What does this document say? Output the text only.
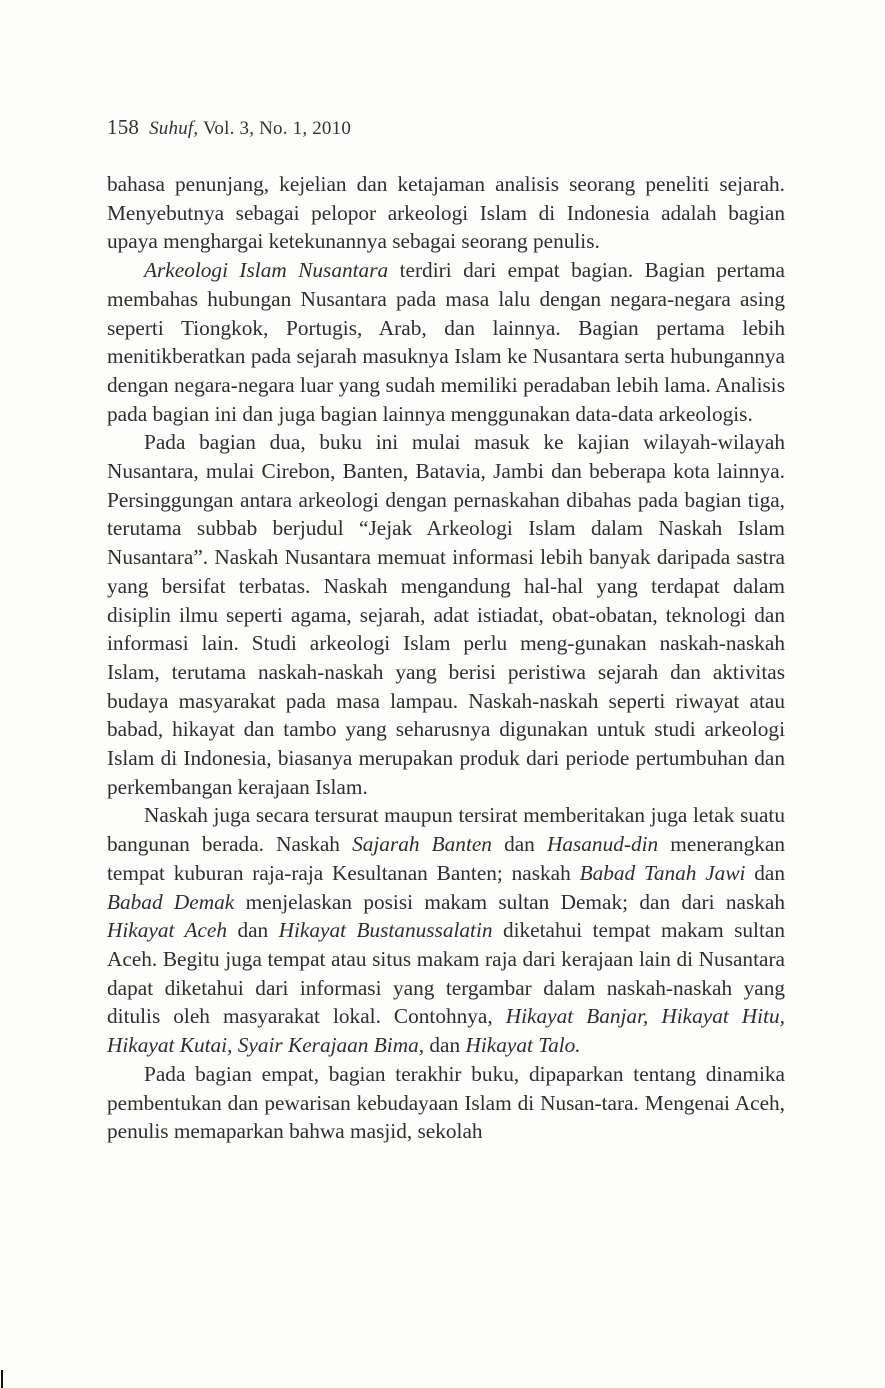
158 Suhuf, Vol. 3, No. 1, 2010

bahasa penunjang, kejelian dan ketajaman analisis seorang peneliti sejarah. Menyebutnya sebagai pelopor arkeologi Islam di Indonesia adalah bagian upaya menghargai ketekunannya sebagai seorang penulis.

Arkeologi Islam Nusantara terdiri dari empat bagian. Bagian pertama membahas hubungan Nusantara pada masa lalu dengan negara-negara asing seperti Tiongkok, Portugis, Arab, dan lainnya. Bagian pertama lebih menitikberatkan pada sejarah masuknya Islam ke Nusantara serta hubungannya dengan negara-negara luar yang sudah memiliki peradaban lebih lama. Analisis pada bagian ini dan juga bagian lainnya menggunakan data-data arkeologis.

Pada bagian dua, buku ini mulai masuk ke kajian wilayah-wilayah Nusantara, mulai Cirebon, Banten, Batavia, Jambi dan beberapa kota lainnya. Persinggungan antara arkeologi dengan pernaskahan dibahas pada bagian tiga, terutama subbab berjudul “Jejak Arkeologi Islam dalam Naskah Islam Nusantara”. Naskah Nusantara memuat informasi lebih banyak daripada sastra yang bersifat terbatas. Naskah mengandung hal-hal yang terdapat dalam disiplin ilmu seperti agama, sejarah, adat istiadat, obat-obatan, teknologi dan informasi lain. Studi arkeologi Islam perlu meng-gunakan naskah-naskah Islam, terutama naskah-naskah yang berisi peristiwa sejarah dan aktivitas budaya masyarakat pada masa lampau. Naskah-naskah seperti riwayat atau babad, hikayat dan tambo yang seharusnya digunakan untuk studi arkeologi Islam di Indonesia, biasanya merupakan produk dari periode pertumbuhan dan perkembangan kerajaan Islam.

Naskah juga secara tersurat maupun tersirat memberitakan juga letak suatu bangunan berada. Naskah Sajarah Banten dan Hasanud-din menerangkan tempat kuburan raja-raja Kesultanan Banten; naskah Babad Tanah Jawi dan Babad Demak menjelaskan posisi makam sultan Demak; dan dari naskah Hikayat Aceh dan Hikayat Bustanussalatin diketahui tempat makam sultan Aceh. Begitu juga tempat atau situs makam raja dari kerajaan lain di Nusantara dapat diketahui dari informasi yang tergambar dalam naskah-naskah yang ditulis oleh masyarakat lokal. Contohnya, Hikayat Banjar, Hikayat Hitu, Hikayat Kutai, Syair Kerajaan Bima, dan Hikayat Talo.

Pada bagian empat, bagian terakhir buku, dipaparkan tentang dinamika pembentukan dan pewarisan kebudayaan Islam di Nusan-tara. Mengenai Aceh, penulis memaparkan bahwa masjid, sekolah
